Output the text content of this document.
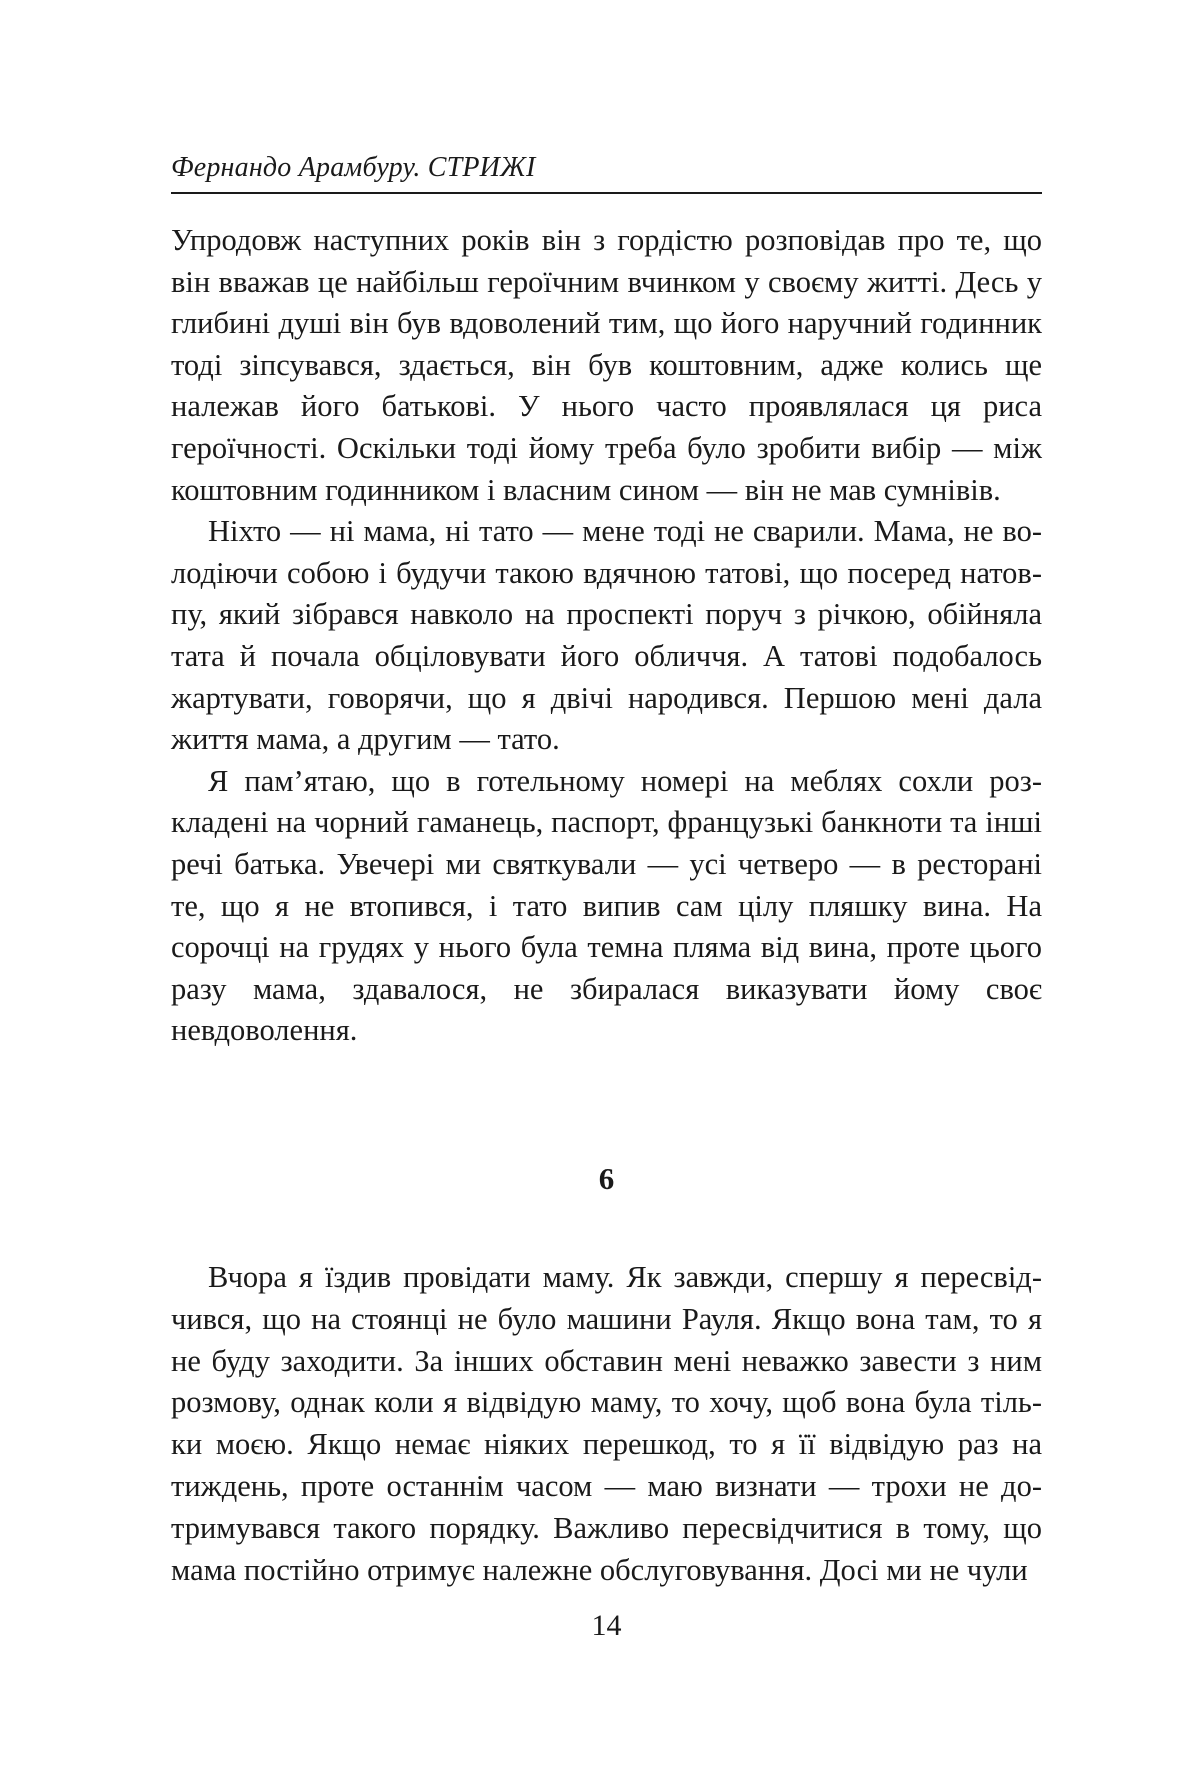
Фернандо Арамбуру. СТРИЖІ

Упродовж наступних років він з гордістю розповідав про те, що він вважав це найбільш героїчним вчинком у своєму житті. Десь у глибині душі він був вдоволений тим, що його наручний годинник тоді зіпсувався, здається, він був коштовним, адже колись ще належав його батькові. У нього часто проявлялася ця риса героїчності. Оскільки тоді йому треба було зробити вибір — між коштовним годинником і власним сином — він не мав сумнівів.

Ніхто — ні мама, ні тато — мене тоді не сварили. Мама, не володіючи собою і будучи такою вдячною татові, що посеред натовпу, який зібрався навколо на проспекті поруч з річкою, обійняла тата й почала обціловувати його обличчя. А татові подобалось жартувати, говорячи, що я двічі народився. Першою мені дала життя мама, а другим — тато.

Я пам’ятаю, що в готельному номері на меблях сохли розкладені на чорний гаманець, паспорт, французькі банкноти та інші речі батька. Увечері ми святкували — усі четверо — в ресторані те, що я не втопився, і тато випив сам цілу пляшку вина. На сорочці на грудях у нього була темна пляма від вина, проте цього разу мама, здавалося, не збиралася виказувати йому своє невдоволення.

6

Вчора я їздив провідати маму. Як завжди, спершу я пересвідчився, що на стоянці не було машини Рауля. Якщо вона там, то я не буду заходити. За інших обставин мені неважко завести з ним розмову, однак коли я відвідую маму, то хочу, щоб вона була тільки моєю. Якщо немає ніяких перешкод, то я її відвідую раз на тиждень, проте останнім часом — маю визнати — трохи не дотримувався такого порядку. Важливо пересвідчитися в тому, що мама постійно отримує належне обслуговування. Досі ми не чули

14
